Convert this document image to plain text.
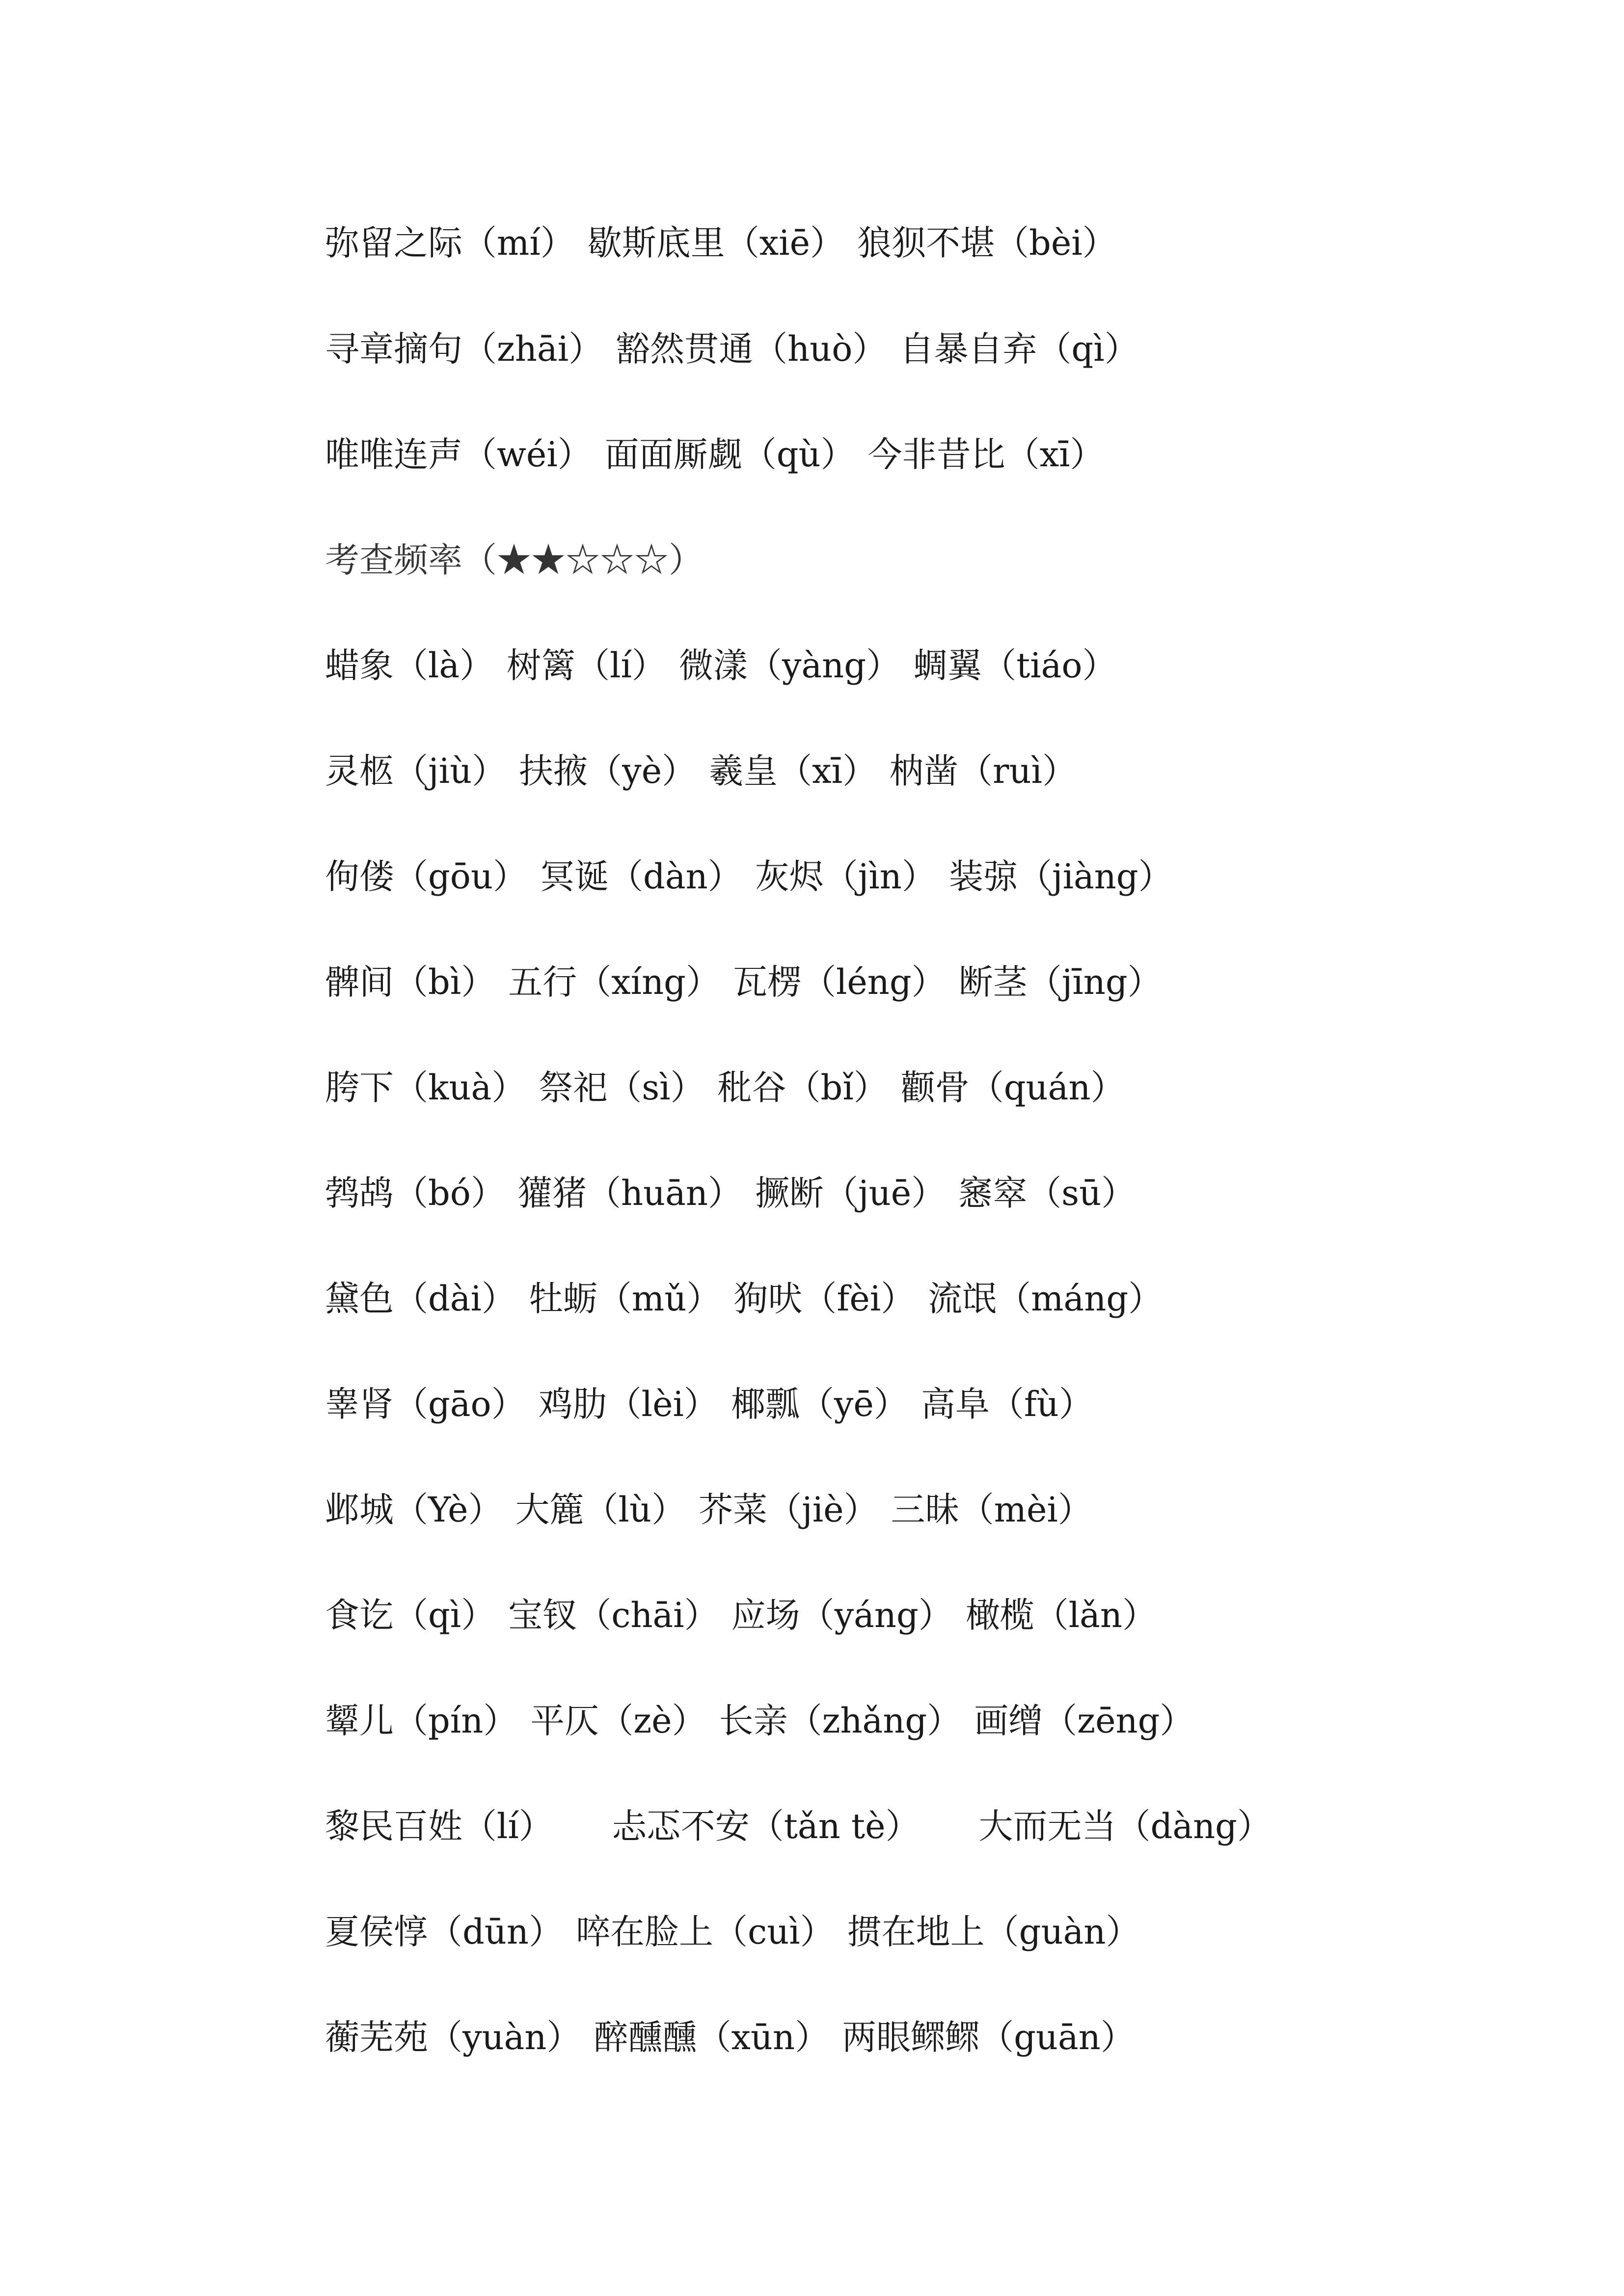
弥留之际（mí） 歇斯底里（xiē） 狼狈不堪（bèi）
寻章摘句（zhāi） 豁然贯通（huò） 自暴自弃（qì）
唯唯连声（wéi） 面面厮觑（qù） 今非昔比（xī）
考查频率（★★☆☆☆）
蜡象（là） 树篱（lí） 微漾（yàng） 蜩翼（tiáo）
灵柩（jiù） 扶掖（yè） 羲皇（xī） 枘凿（ruì）
佝偻（gōu） 冥诞（dàn） 灰烬（jìn） 装弶（jiàng）
髀间（bì） 五行（xíng） 瓦楞（léng） 断茎（jīng）
胯下（kuà） 祭祀（sì） 秕谷（bǐ） 颧骨（quán）
鹁鸪（bó） 獾猪（huān） 撅断（juē） 窸窣（sū）
黛色（dài） 牡蛎（mǔ） 狗吠（fèi） 流氓（máng）
睾肾（gāo） 鸡肋（lèi） 椰瓢（yē） 高阜（fù）
邺城（Yè） 大簏（lù） 芥菜（jiè） 三昧（mèi）
食讫（qì） 宝钗（chāi） 应场（yáng） 橄榄（lǎn）
颦儿（pín） 平仄（zè） 长亲（zhǎng） 画缯（zēng）
黎民百姓（lí） 忐忑不安（tǎn tè） 大而无当（dàng）
夏侯惇（dūn） 啐在脸上（cuì） 掼在地上（guàn）
蘅芜苑（yuàn） 醉醺醺（xūn） 两眼鳏鳏（guān）
